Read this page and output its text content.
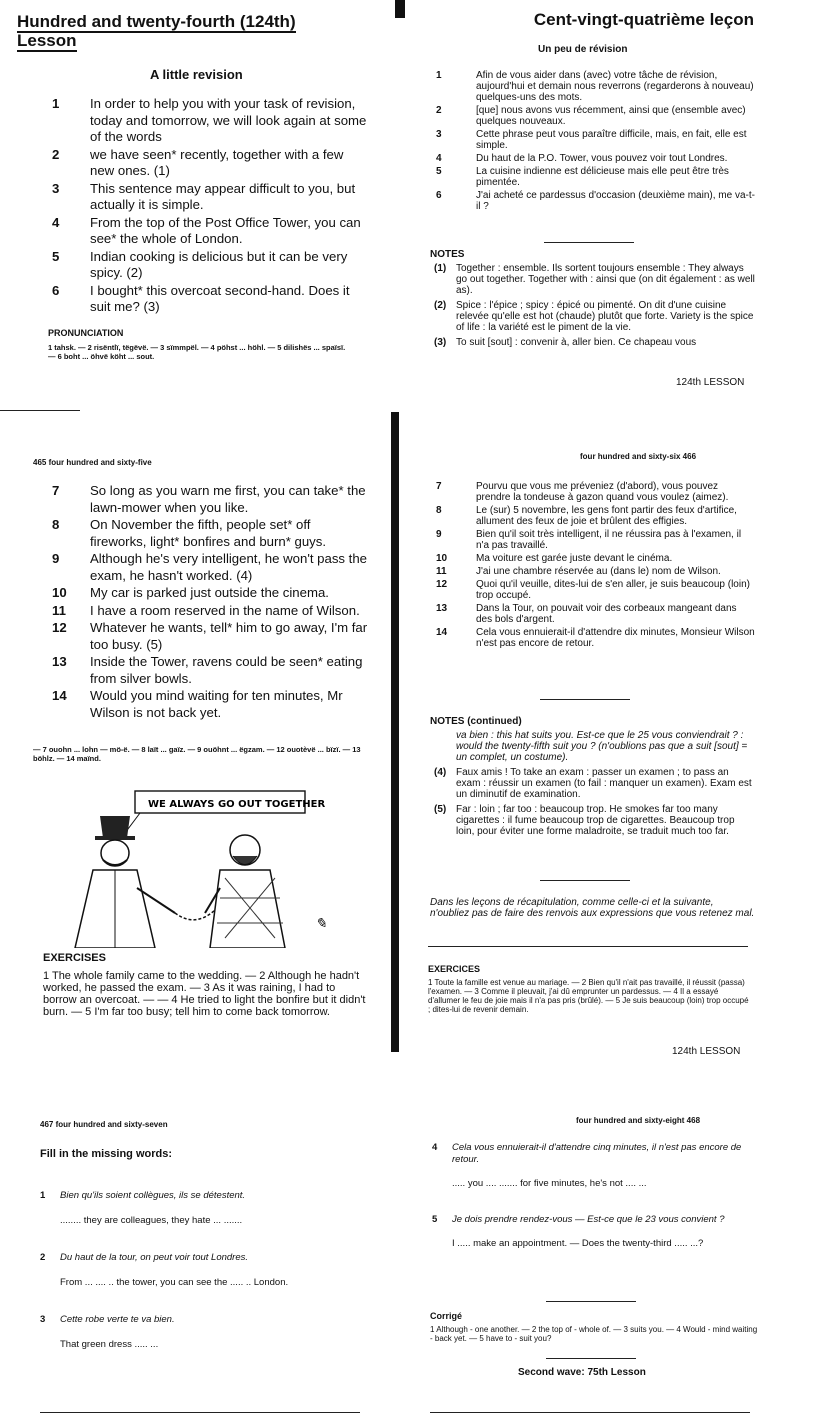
Hundred and twenty-fourth (124th) Lesson
A little revision
1	In order to help you with your task of revision, today and tomorrow, we will look again at some of the words
2	we have seen* recently, together with a few new ones. (1)
3	This sentence may appear difficult to you, but actually it is simple.
4	From the top of the Post Office Tower, you can see* the whole of London.
5	Indian cooking is delicious but it can be very spicy. (2)
6	I bought* this overcoat second-hand. Does it suit me? (3)
PRONUNCIATION
1 tahsk. — 2 risëntlï, tëgëvë. — 3 sïmmpël. — 4 pöhst ... höhl. — 5 dilishës ... spaïsï. — 6 boht ... öhvë köht ... sout.
Cent-vingt-quatrième leçon
Un peu de révision
1	Afin de vous aider dans (avec) votre tâche de révision, aujourd'hui et demain nous reverrons (regarderons à nouveau) quelques-uns des mots.
2	[que] nous avons vus récemment, ainsi que (ensemble avec) quelques nouveaux.
3	Cette phrase peut vous paraître difficile, mais, en fait, elle est simple.
4	Du haut de la P.O. Tower, vous pouvez voir tout Londres.
5	La cuisine indienne est délicieuse mais elle peut être très pimentée.
6	J'ai acheté ce pardessus d'occasion (deuxième main), me va-t-il ?
NOTES
(1) Together : ensemble. Ils sortent toujours ensemble : They always go out together. Together with : ainsi que (on dit également : as well as).
(2) Spice : l'épice ; spicy : épicé ou pimenté. On dit d'une cuisine relevée qu'elle est hot (chaude) plutôt que forte. Variety is the spice of life : la variété est le piment de la vie.
(3) To suit [sout] : convenir à, aller bien. Ce chapeau vous
124th LESSON
465 four hundred and sixty-five
7	So long as you warn me first, you can take* the lawn-mower when you like.
8	On November the fifth, people set* off fireworks, light* bonfires and burn* guys.
9	Although he's very intelligent, he won't pass the exam, he hasn't worked. (4)
10	My car is parked just outside the cinema.
11	I have a room reserved in the name of Wilson.
12	Whatever he wants, tell* him to go away, I'm far too busy. (5)
13	Inside the Tower, ravens could be seen* eating from silver bowls.
14	Would you mind waiting for ten minutes, Mr Wilson is not back yet.
— 7 ouohn ... lohn — mö-ë. — 8 laït ... gaïz. — 9 ouöhnt ... ëgzam. — 12 ouotèvë ... bïzï. — 13 böhlz. — 14 maïnd.
WE ALWAYS GO OUT TOGETHER
✎
EXERCISES
1 The whole family came to the wedding. — 2 Although he hadn't worked, he passed the exam. — 3 As it was raining, I had to borrow an overcoat. — — 4 He tried to light the bonfire but it didn't burn. — 5 I'm far too busy; tell him to come back tomorrow.
four hundred and sixty-six 466
7	Pourvu que vous me préveniez (d'abord), vous pouvez prendre la tondeuse à gazon quand vous voulez (aimez).
8	Le (sur) 5 novembre, les gens font partir des feux d'artifice, allument des feux de joie et brûlent des effigies.
9	Bien qu'il soit très intelligent, il ne réussira pas à l'examen, il n'a pas travaillé.
10	Ma voiture est garée juste devant le cinéma.
11	J'ai une chambre réservée au (dans le) nom de Wilson.
12	Quoi qu'il veuille, dites-lui de s'en aller, je suis beaucoup (loin) trop occupé.
13	Dans la Tour, on pouvait voir des corbeaux mangeant dans des bols d'argent.
14	Cela vous ennuierait-il d'attendre dix minutes, Monsieur Wilson n'est pas encore de retour.
NOTES (continued)
va bien : this hat suits you. Est-ce que le 25 vous conviendrait ? : would the twenty-fifth suit you ? (n'oublions pas que a suit [sout] = un complet, un costume).
(4) Faux amis ! To take an exam : passer un examen ; to pass an exam : réussir un examen (to fail : manquer un examen). Exam est un diminutif de examination.
(5) Far : loin ; far too : beaucoup trop. He smokes far too many cigarettes : il fume beaucoup trop de cigarettes. Beaucoup trop loin, pour éviter une forme maladroite, se traduit much too far.
Dans les leçons de récapitulation, comme celle-ci et la suivante, n'oubliez pas de faire des renvois aux expressions que vous retenez mal.
EXERCICES
1 Toute la famille est venue au mariage. — 2 Bien qu'il n'ait pas travaillé, il réussit (passa) l'examen. — 3 Comme il pleuvait, j'ai dû emprunter un pardessus. — 4 Il a essayé d'allumer le feu de joie mais il n'a pas pris (brûlé). — 5 Je suis beaucoup (loin) trop occupé ; dites-lui de revenir demain.
124th LESSON
467 four hundred and sixty-seven
Fill in the missing words:
1	Bien qu'ils soient collègues, ils se détestent.
........ they are colleagues, they hate ... .......
2	Du haut de la tour, on peut voir tout Londres.
From ... .... .. the tower, you can see the ..... .. London.
3	Cette robe verte te va bien.
That green dress ..... ...
four hundred and sixty-eight 468
4	Cela vous ennuierait-il d'attendre cinq minutes, il n'est pas encore de retour.
..... you .... ....... for five minutes, he's not .... ...
5	Je dois prendre rendez-vous — Est-ce que le 23 vous convient ?
I ..... make an appointment. — Does the twenty-third ..... ...?
Corrigé
1 Although - one another. — 2 the top of - whole of. — 3 suits you. — 4 Would - mind waiting - back yet. — 5 have to - suit you?
Second wave: 75th Lesson
